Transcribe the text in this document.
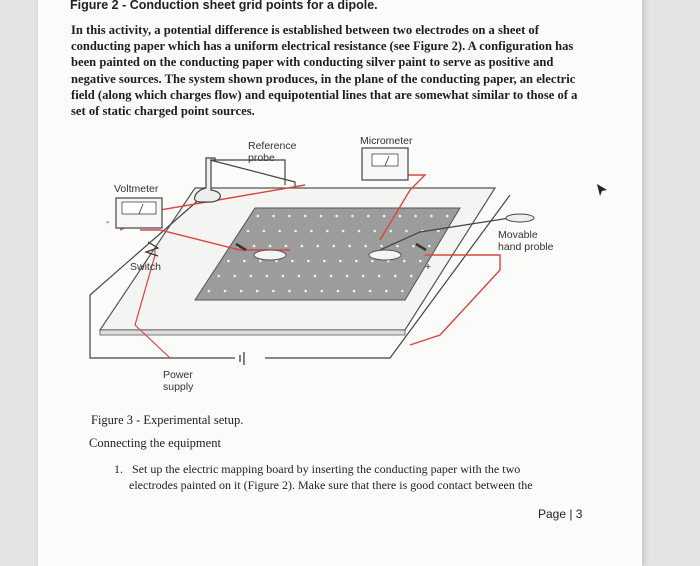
Figure 2 - Conduction sheet grid points for a dipole.
In this activity, a potential difference is established between two electrodes on a sheet of conducting paper which has a uniform electrical resistance (see Figure 2). A configuration has been painted on the conducting paper with conducting silver paint to serve as positive and negative sources. The system shown produces, in the plane of the conducting paper, an electric field (along which charges flow) and equipotential lines that are somewhat similar to those of a set of static charged point sources.
Reference
probe
Micrometer
Voltmeter
Switch
Movable
hand proble
Power
supply
-
+
Figure 3 - Experimental setup.
Connecting the equipment
1. Set up the electric mapping board by inserting the conducting paper with the two
electrodes painted on it (Figure 2). Make sure that there is good contact between the
Page | 3
